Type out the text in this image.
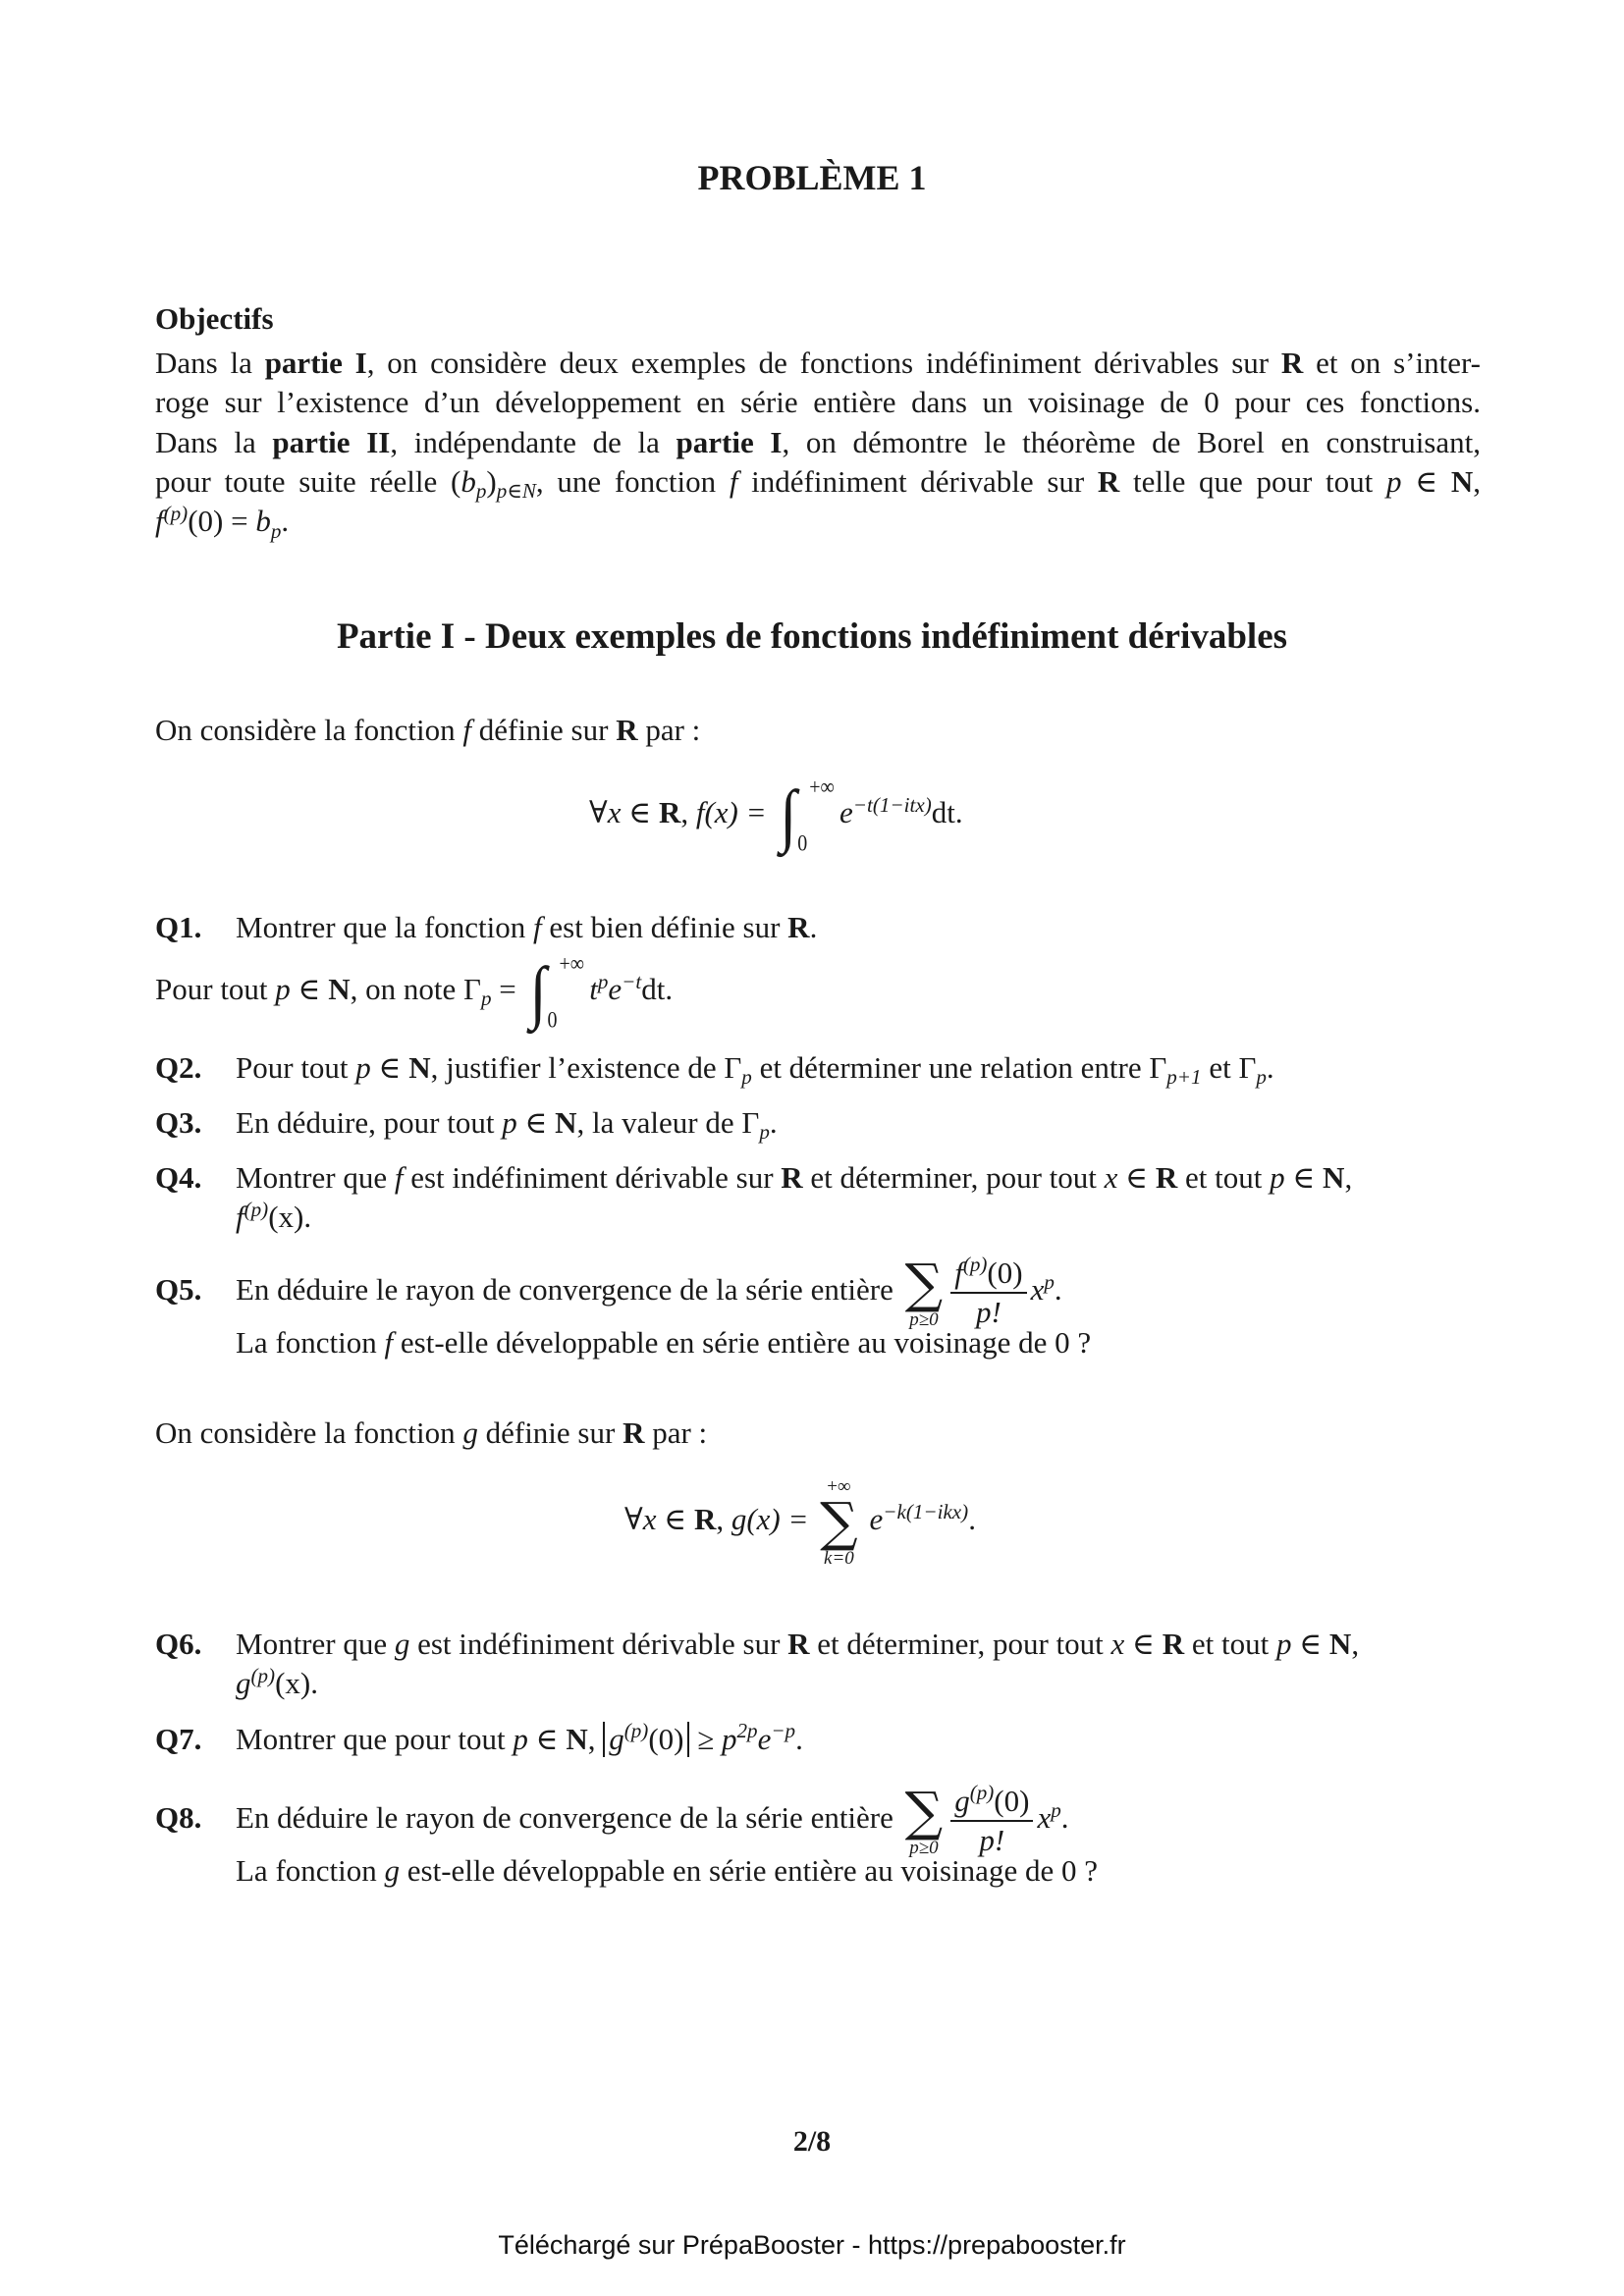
PROBLÈME 1
Objectifs
Dans la partie I, on considère deux exemples de fonctions indéfiniment dérivables sur R et on s’inter-
roge sur l’existence d’un développement en série entière dans un voisinage de 0 pour ces fonctions.
Dans la partie II, indépendante de la partie I, on démontre le théorème de Borel en construisant,
pour toute suite réelle $(b_p)_{p\in N}$, une fonction f indéfiniment dérivable sur R telle que pour tout p ∈ N,
$f^{(p)}(0) = b_p$.
Partie I - Deux exemples de fonctions indéfiniment dérivables
On considère la fonction f définie sur R par :
∀x ∈ R, f(x) = ∫ +∞
0
$e^{-t(1-itx)}dt$.
Q1. Montrer que la fonction f est bien définie sur R.
Pour tout p ∈ N, on note $\Gamma_p$ = ∫ +∞
0
$t^pe^{-t}dt$.
Q2. Pour tout p ∈ N, justifier l’existence de $\Gamma_p$ et déterminer une relation entre $\Gamma_{p+1}$ et $\Gamma_p$.
Q3. En déduire, pour tout p ∈ N, la valeur de $\Gamma_p$.
Q4. Montrer que f est indéfiniment dérivable sur R et déterminer, pour tout x ∈ R et tout p ∈ N,
$f^{(p)}(x)$.
Q5. En déduire le rayon de convergence de la série entière ∑
$p\ge 0 \frac{f^{(p)}(0)}{p!} x^p$.
La fonction f est-elle développable en série entière au voisinage de 0 ?
On considère la fonction g définie sur R par :
∀x ∈ R, g(x) =
+∞
∑
k=0
$e^{-k(1-ikx)}$.
Q6. Montrer que g est indéfiniment dérivable sur R et déterminer, pour tout x ∈ R et tout p ∈ N,
$g^{(p)}(x)$.
Q7. Montrer que pour tout p ∈ N, $g^{(p)}(0) \ge p^{2p}e^{-p}$.
Q8. En déduire le rayon de convergence de la série entière ∑
$p\ge 0 \frac{g^{(p)}(0)}{p!} x^p$.
La fonction g est-elle développable en série entière au voisinage de 0 ?
2/8
Téléchargé sur PrépaBooster - https://prepabooster.fr
